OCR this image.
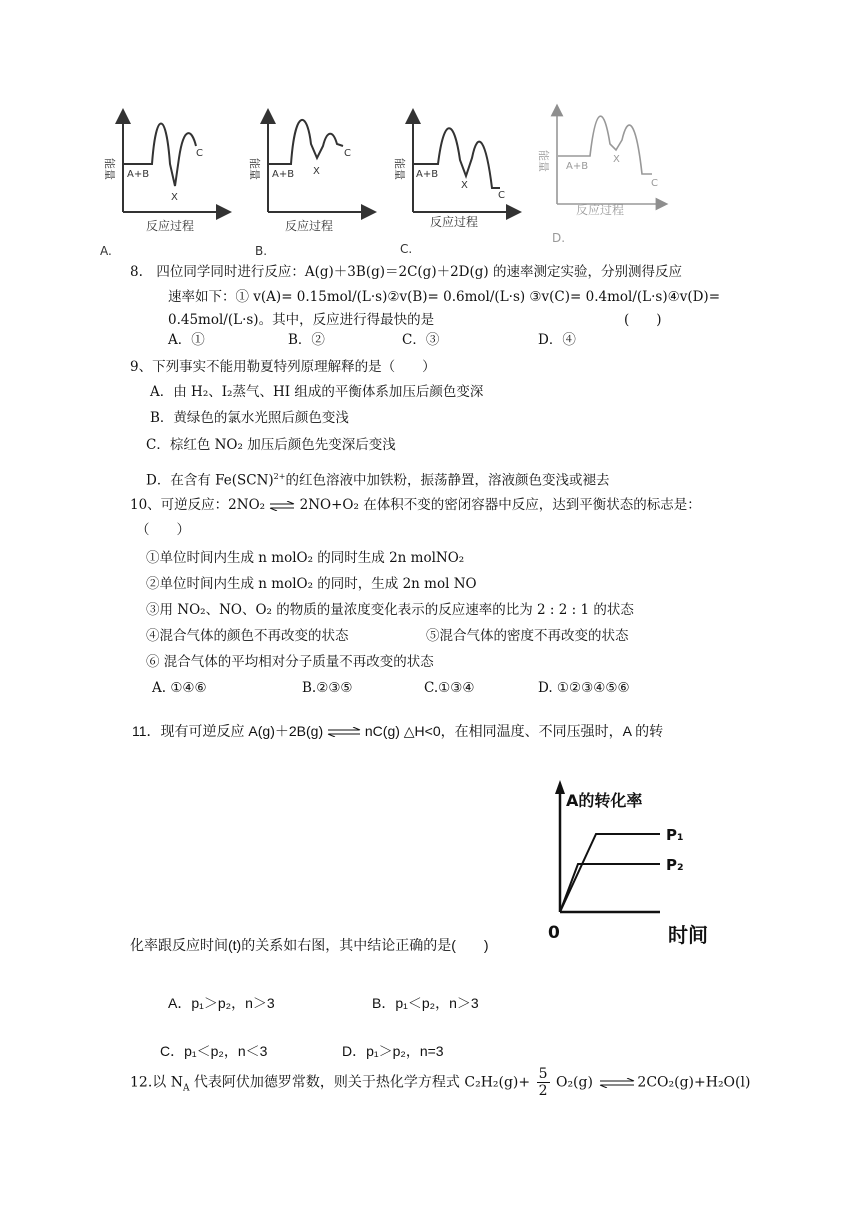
能量 A+B
X
C
反应过程
A.
能量 A+B X
C
反应过程
B.
能量 A+B
X
C
反应过程
C.
能量 A+B
X
C
反应过程
D.
8.　四位同学同时进行反应：A(g)＋3B(g)＝2C(g)＋2D(g) 的速率测定实验，分别测得反应
速率如下：① v(A)= 0.15mol/(L·s)②v(B)= 0.6mol/(L·s) ③v(C)= 0.4mol/(L·s)④v(D)=
0.45mol/(L·s)。其中，反应进行得最快的是	(　　)
A．①	B．②	C．③	D．④
9、下列事实不能用勒夏特列原理解释的是（　　）
A．由 H₂、I₂蒸气、HI 组成的平衡体系加压后颜色变深
B．黄绿色的氯水光照后颜色变浅
C．棕红色 NO₂ 加压后颜色先变深后变浅
D．在含有 Fe(SCN)$^{2+}$的红色溶液中加铁粉，振荡静置，溶液颜色变浅或褪去
10、可逆反应：2NO₂ ⇌ 2NO+O₂ 在体积不变的密闭容器中反应，达到平衡状态的标志是：
（　　）
①单位时间内生成 n molO₂ 的同时生成 2n molNO₂
②单位时间内生成 n molO₂ 的同时，生成 2n mol NO
③用 NO₂、NO、O₂ 的物质的量浓度变化表示的反应速率的比为 2 : 2 : 1 的状态
④混合气体的颜色不再改变的状态	⑤混合气体的密度不再改变的状态
⑥ 混合气体的平均相对分子质量不再改变的状态
A. ①④⑥	B.②③⑤	C.①③④	D. ①②③④⑤⑥
11．现有可逆反应 A(g)＋2B(g) ⇌ nC(g) △H<0，在相同温度、不同压强时，A 的转
A的转化率
P₁
P₂
0	时间
化率跟反应时间(t)的关系如右图，其中结论正确的是(　　)
A．p₁＞p₂，n＞3	B．p₁＜p₂，n＞3
C．p₁＜p₂，n＜3	D．p₁＞p₂，n=3
12.以 $N_A$ 代表阿伏加德罗常数，则关于热化学方程式 $C_2H_2(g)+ \frac{5}{2} O_2(g)$ ⇌ 2CO₂(g)+H₂O(l)
